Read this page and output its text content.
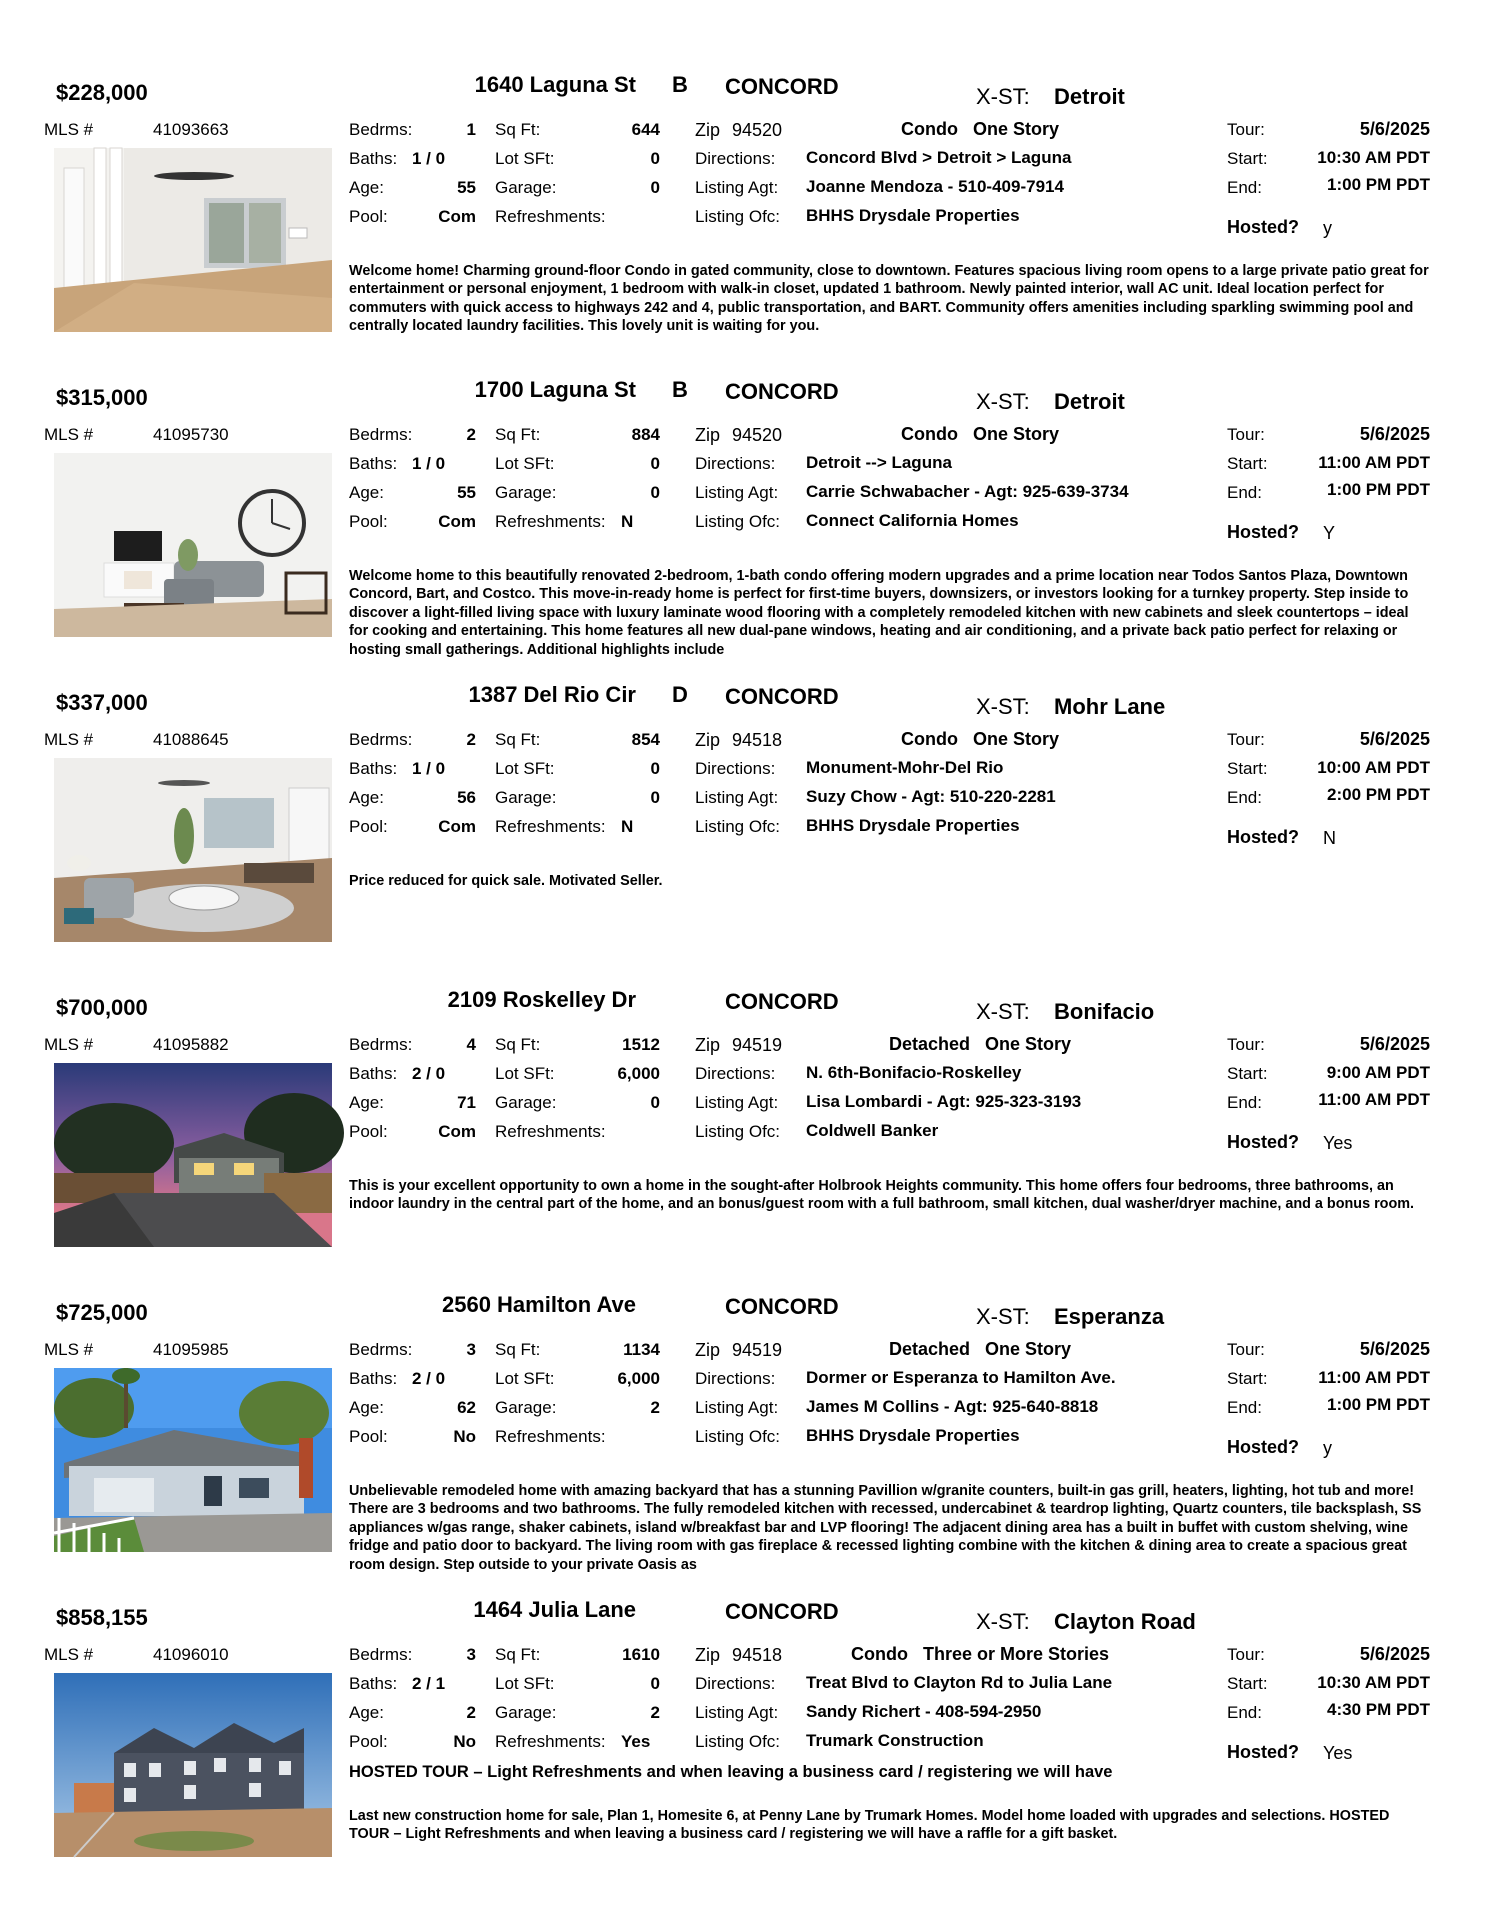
$228,000	1640 Laguna St B CONCORD	X-ST: Detroit
MLS #	41093663	Bedrms:	1
Baths: 1 / 0
Age:	55
Pool:	Com
Sq Ft:	644
Lot SFt:	0
Garage:	0
Refreshments:
Zip 94520	Condo One Story
Directions: Concord Blvd > Detroit > Laguna
Listing Agt: Joanne Mendoza - 510-409-7914
Listing Ofc: BHHS Drysdale Properties
Tour:	5/6/2025
Start:	10:30 AM PDT
End:	1:00 PM PDT
Hosted? y
Welcome home! Charming ground-floor Condo in gated community, close to downtown. Features spacious living room opens to a large private patio great for entertainment or personal enjoyment, 1 bedroom with walk-in closet, updated 1 bathroom. Newly painted interior, wall AC unit. Ideal location perfect for commuters with quick access to highways 242 and 4, public transportation, and BART. Community offers amenities including sparkling swimming pool and centrally located laundry facilities. This lovely unit is waiting for you.
$315,000	1700 Laguna St B CONCORD	X-ST: Detroit
MLS #	41095730	Bedrms:	2
Baths: 1 / 0
Age:	55
Pool:	Com
Sq Ft:	884
Lot SFt:	0
Garage:	0
Refreshments: N
Zip 94520	Condo One Story
Directions: Detroit --> Laguna
Listing Agt: Carrie Schwabacher - Agt: 925-639-3734
Listing Ofc: Connect California Homes
Tour:	5/6/2025
Start:	11:00 AM PDT
End:	1:00 PM PDT
Hosted? Y
Welcome home to this beautifully renovated 2-bedroom, 1-bath condo offering modern upgrades and a prime location near Todos Santos Plaza, Downtown Concord, Bart, and Costco. This move-in-ready home is perfect for first-time buyers, downsizers, or investors looking for a turnkey property. Step inside to discover a light-filled living space with luxury laminate wood flooring with a completely remodeled kitchen with new cabinets and sleek countertops – ideal for cooking and entertaining. This home features all new dual-pane windows, heating and air conditioning, and a private back patio perfect for relaxing or hosting small gatherings. Additional highlights include
$337,000	1387 Del Rio Cir D CONCORD	X-ST: Mohr Lane
MLS #	41088645	Bedrms:	2
Baths: 1 / 0
Age:	56
Pool:	Com
Sq Ft:	854
Lot SFt:	0
Garage:	0
Refreshments: N
Zip 94518	Condo One Story
Directions: Monument-Mohr-Del Rio
Listing Agt: Suzy Chow - Agt: 510-220-2281
Listing Ofc: BHHS Drysdale Properties
Tour:	5/6/2025
Start:	10:00 AM PDT
End:	2:00 PM PDT
Hosted? N
Price reduced for quick sale. Motivated Seller.
$700,000	2109 Roskelley Dr	CONCORD	X-ST: Bonifacio
MLS #	41095882	Bedrms:	4
Baths: 2 / 0
Age:	71
Pool:	Com
Sq Ft:	1512
Lot SFt:	6,000
Garage:	0
Refreshments:
Zip 94519	Detached One Story
Directions: N. 6th-Bonifacio-Roskelley
Listing Agt: Lisa Lombardi - Agt: 925-323-3193
Listing Ofc: Coldwell Banker
Tour:	5/6/2025
Start:	9:00 AM PDT
End:	11:00 AM PDT
Hosted? Yes
This is your excellent opportunity to own a home in the sought-after Holbrook Heights community. This home offers four bedrooms, three bathrooms, an indoor laundry in the central part of the home, and an bonus/guest room with a full bathroom, small kitchen, dual washer/dryer machine, and a bonus room.
$725,000	2560 Hamilton Ave	CONCORD	X-ST: Esperanza
MLS #	41095985	Bedrms:	3
Baths: 2 / 0
Age:	62
Pool:	No
Sq Ft:	1134
Lot SFt:	6,000
Garage:	2
Refreshments:
Zip 94519	Detached One Story
Directions: Dormer or Esperanza to Hamilton Ave.
Listing Agt: James M Collins - Agt: 925-640-8818
Listing Ofc: BHHS Drysdale Properties
Tour:	5/6/2025
Start:	11:00 AM PDT
End:	1:00 PM PDT
Hosted? y
Unbelievable remodeled home with amazing backyard that has a stunning Pavillion w/granite counters, built-in gas grill, heaters, lighting, hot tub and more! There are 3 bedrooms and two bathrooms. The fully remodeled kitchen with recessed, undercabinet & teardrop lighting, Quartz counters, tile backsplash, SS appliances w/gas range, shaker cabinets, island w/breakfast bar and LVP flooring! The adjacent dining area has a built in buffet with custom shelving, wine fridge and patio door to backyard. The living room with gas fireplace & recessed lighting combine with the kitchen & dining area to create a spacious great room design. Step outside to your private Oasis as
$858,155	1464 Julia Lane	CONCORD	X-ST: Clayton Road
MLS #	41096010	Bedrms:	3
Baths: 2 / 1
Age:	2
Pool:	No
Sq Ft:	1610
Lot SFt:	0
Garage:	2
Refreshments: Yes
Zip 94518	Condo Three or More Stories
Directions: Treat Blvd to Clayton Rd to Julia Lane
Listing Agt: Sandy Richert - 408-594-2950
Listing Ofc: Trumark Construction
Tour:	5/6/2025
Start:	10:30 AM PDT
End:	4:30 PM PDT
Hosted? Yes
HOSTED TOUR – Light Refreshments and when leaving a business card / registering we will have
Last new construction home for sale, Plan 1, Homesite 6, at Penny Lane by Trumark Homes. Model home loaded with upgrades and selections. HOSTED TOUR – Light Refreshments and when leaving a business card / registering we will have a raffle for a gift basket.
